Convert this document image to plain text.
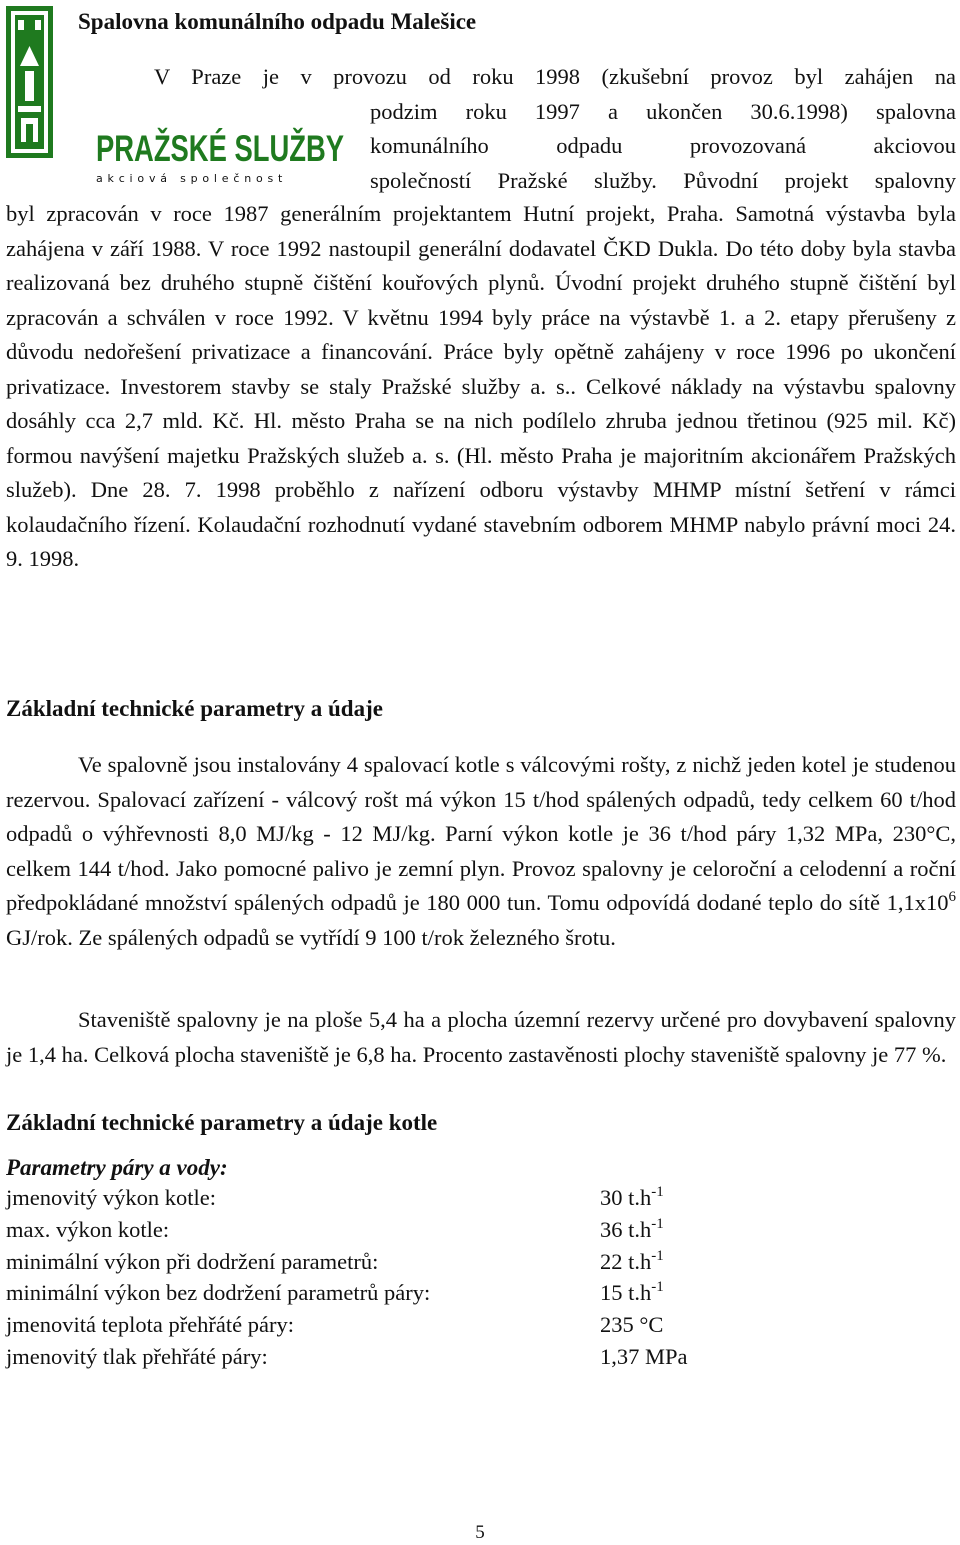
PRAŽSKÉ SLUŽBY
akciová společnost
Spalovna komunálního odpadu Malešice

V Praze je v provozu od roku 1998 (zkušební provoz byl zahájen na

podzim roku 1997 a ukončen 30.6.1998) spalovna

komunálního odpadu provozovaná akciovou

společností Pražské služby. Původní projekt spalovny

byl zpracován v roce 1987 generálním projektantem Hutní projekt, Praha. Samotná výstavba byla zahájena v září 1988. V roce 1992 nastoupil generální dodavatel ČKD Dukla. Do této doby byla stavba realizovaná bez druhého stupně čištění kouřových plynů. Úvodní projekt druhého stupně čištění byl zpracován a schválen v roce 1992. V květnu 1994 byly práce na výstavbě 1. a 2. etapy přerušeny z důvodu nedořešení privatizace a financování. Práce byly opětně zahájeny v roce 1996 po ukončení privatizace. Investorem stavby se staly Pražské služby a. s.. Celkové náklady na výstavbu spalovny dosáhly cca 2,7 mld. Kč. Hl. město Praha se na nich podílelo zhruba jednou třetinou (925 mil. Kč) formou navýšení majetku Pražských služeb a. s. (Hl. město Praha je majoritním akcionářem Pražských služeb). Dne 28. 7. 1998 proběhlo z nařízení odboru výstavby MHMP místní šetření v rámci kolaudačního řízení. Kolaudační rozhodnutí vydané stavebním odborem MHMP nabylo právní moci 24. 9. 1998.

Základní technické parametry a údaje

Ve spalovně jsou instalovány 4 spalovací kotle s válcovými rošty, z nichž jeden kotel je studenou rezervou. Spalovací zařízení - válcový rošt má výkon 15 t/hod spálených odpadů, tedy celkem 60 t/hod odpadů o výhřevnosti 8,0 MJ/kg - 12 MJ/kg. Parní výkon kotle je 36 t/hod páry 1,32 MPa, 230°C, celkem 144 t/hod. Jako pomocné palivo je zemní plyn. Provoz spalovny je celoroční a celodenní a roční předpokládané množství spálených odpadů je 180 000 tun. Tomu odpovídá dodané teplo do sítě $1,1x10^6$ GJ/rok. Ze spálených odpadů se vytřídí 9 100 t/rok železného šrotu.

Staveniště spalovny je na ploše 5,4 ha a plocha územní rezervy určené pro dovybavení spalovny je 1,4 ha. Celková plocha staveniště je 6,8 ha. Procento zastavěnosti plochy staveniště spalovny je 77 %.

Základní technické parametry a údaje kotle
Parametry páry a vody:
jmenovitý výkon kotle:	30 $t.h^{-1}$
max. výkon kotle:	36 $t.h^{-1}$
minimální výkon při dodržení parametrů:	22 $t.h^{-1}$
minimální výkon bez dodržení parametrů páry:	15 $t.h^{-1}$
jmenovitá teplota přehřáté páry:	235 °C
jmenovitý tlak přehřáté páry:	1,37 MPa
5
